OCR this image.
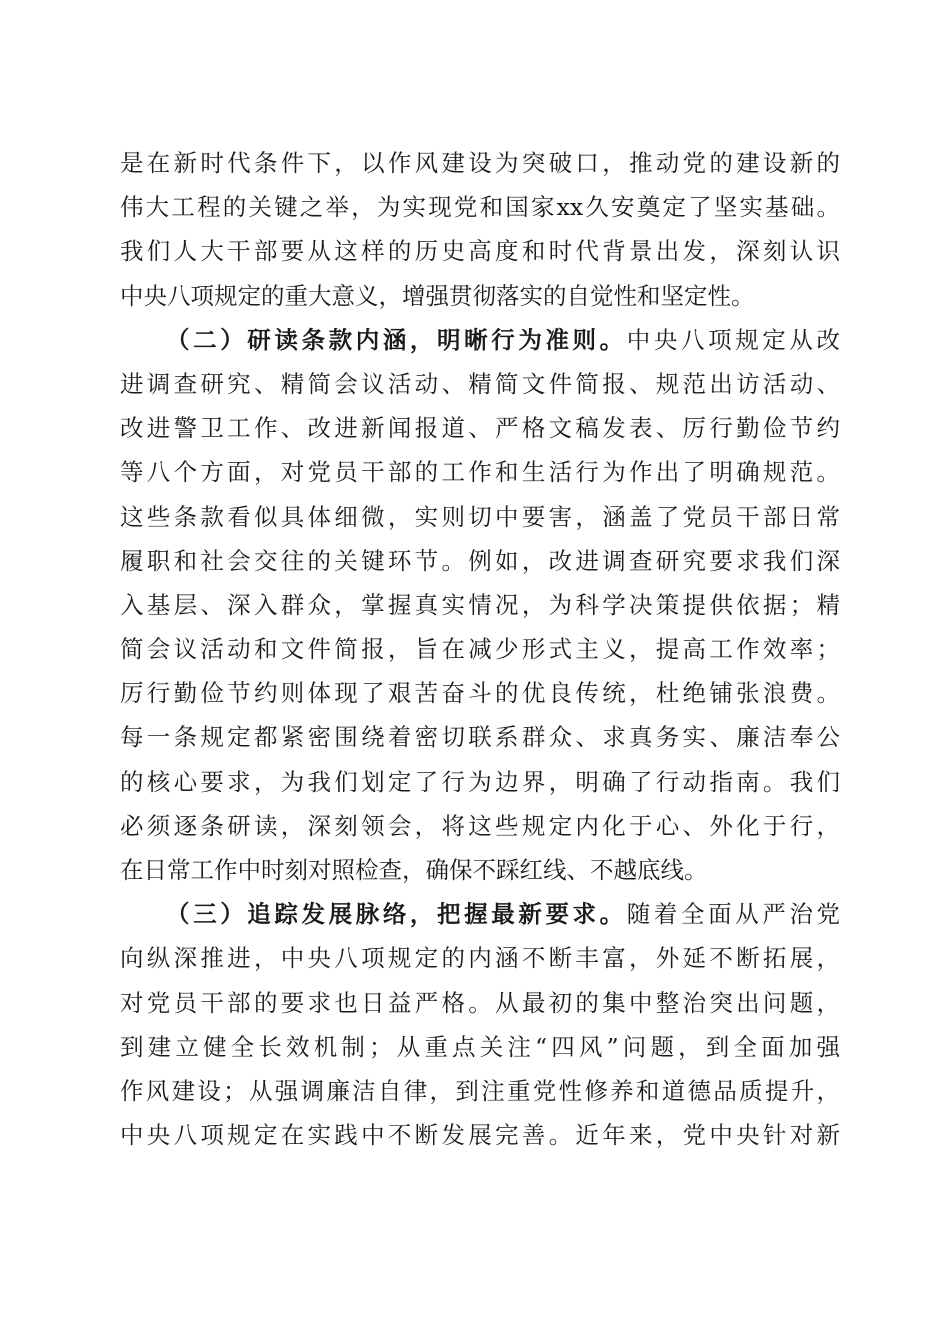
是在新时代条件下，以作风建设为突破口，推动党的建设新的
伟大工程的关键之举，为实现党和国家xx久安奠定了坚实基础。
我们人大干部要从这样的历史高度和时代背景出发，深刻认识
中央八项规定的重大意义，增强贯彻落实的自觉性和坚定性。
（二）研读条款内涵，明晰行为准则。中央八项规定从改
进调查研究、精简会议活动、精简文件简报、规范出访活动、
改进警卫工作、改进新闻报道、严格文稿发表、厉行勤俭节约
等八个方面，对党员干部的工作和生活行为作出了明确规范。
这些条款看似具体细微，实则切中要害，涵盖了党员干部日常
履职和社会交往的关键环节。例如，改进调查研究要求我们深
入基层、深入群众，掌握真实情况，为科学决策提供依据；精
简会议活动和文件简报，旨在减少形式主义，提高工作效率；
厉行勤俭节约则体现了艰苦奋斗的优良传统，杜绝铺张浪费。
每一条规定都紧密围绕着密切联系群众、求真务实、廉洁奉公
的核心要求，为我们划定了行为边界，明确了行动指南。我们
必须逐条研读，深刻领会，将这些规定内化于心、外化于行，
在日常工作中时刻对照检查，确保不踩红线、不越底线。
（三）追踪发展脉络，把握最新要求。随着全面从严治党
向纵深推进，中央八项规定的内涵不断丰富，外延不断拓展，
对党员干部的要求也日益严格。从最初的集中整治突出问题，
到建立健全长效机制；从重点关注“四风”问题，到全面加强
作风建设；从强调廉洁自律，到注重党性修养和道德品质提升，
中央八项规定在实践中不断发展完善。近年来，党中央针对新
